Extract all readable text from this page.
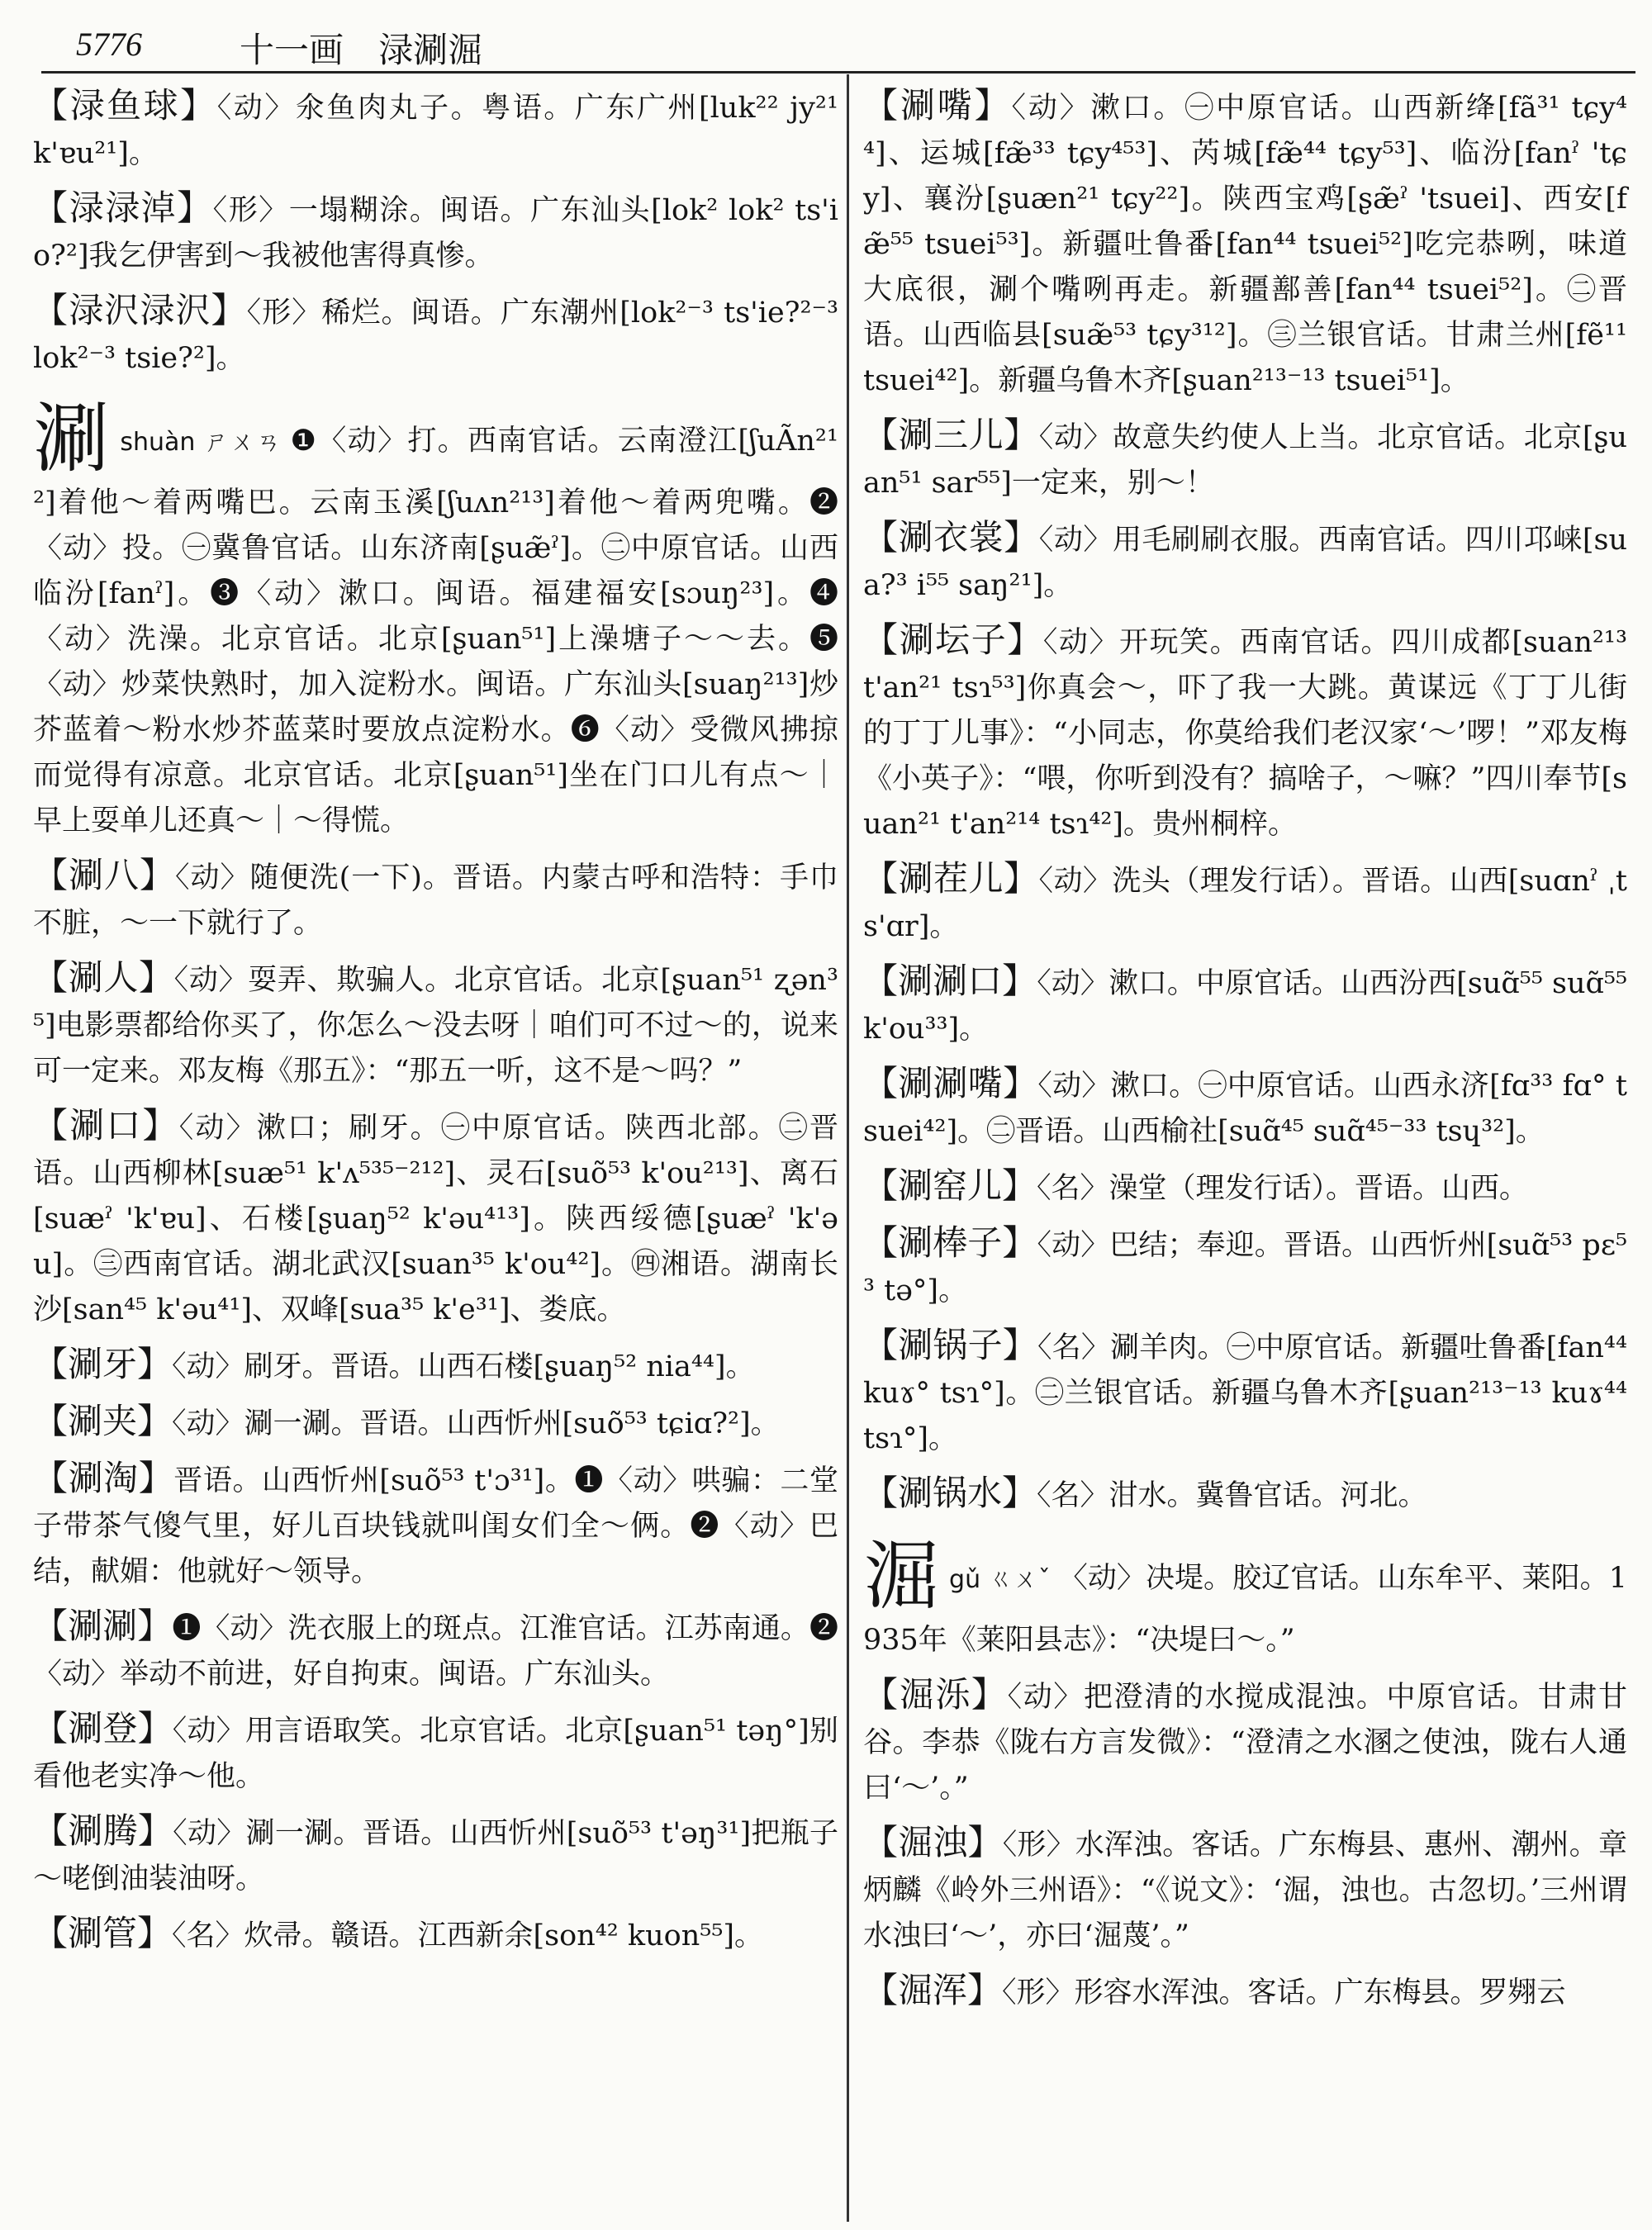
5776	十一画　渌涮淈
【渌鱼球】〈动〉氽鱼肉丸子。粤语。广东广州[luk²² jy²¹ k'ɐu²¹]。
【渌渌淖】〈形〉一塌糊涂。闽语。广东汕头[lok² lok² ts'io?²]我乞伊害到～我被他害得真惨。
【渌沢渌沢】〈形〉稀烂。闽语。广东潮州[lok²⁻³ ts'ie?²⁻³ lok²⁻³ tsie?²]。
涮shuàn ㄕㄨㄢ ❶〈动〉打。西南官话。云南澄江[ʃuÃn²¹²]着他～着两嘴巴。云南玉溪[ʃuʌn²¹³]着他～着两兜嘴。❷〈动〉投。㊀冀鲁官话。山东济南[ʂuæ̃ˀ]。㊁中原官话。山西临汾[fanˀ]。❸〈动〉漱口。闽语。福建福安[sɔuŋ²³]。❹〈动〉洗澡。北京官话。北京[ʂuan⁵¹]上澡塘子～～去。❺〈动〉炒菜快熟时，加入淀粉水。闽语。广东汕头[suaŋ²¹³]炒芥蓝着～粉水炒芥蓝菜时要放点淀粉水。❻〈动〉受微风拂掠而觉得有凉意。北京官话。北京[ʂuan⁵¹]坐在门口儿有点～｜早上耍单儿还真～｜～得慌。
【涮八】〈动〉随便洗(一下)。晋语。内蒙古呼和浩特：手巾不脏，～一下就行了。
【涮人】〈动〉耍弄、欺骗人。北京官话。北京[ʂuan⁵¹ ʐən³⁵]电影票都给你买了，你怎么～没去呀｜咱们可不过～的，说来可一定来。邓友梅《那五》：“那五一听，这不是～吗？”
【涮口】〈动〉漱口；刷牙。㊀中原官话。陕西北部。㊁晋语。山西柳林[suæ⁵¹ k'ʌ⁵³⁵⁻²¹²]、灵石[suõ⁵³ k'ou²¹³]、离石[suæˀ 'k'ɐu]、石楼[ʂuaŋ⁵² k'əu⁴¹³]。陕西绥德[ʂuæˀ 'k'əu]。㊂西南官话。湖北武汉[suan³⁵ k'ou⁴²]。㊃湘语。湖南长沙[san⁴⁵ k'əu⁴¹]、双峰[sua³⁵ k'e³¹]、娄底。
【涮牙】〈动〉刷牙。晋语。山西石楼[ʂuaŋ⁵² nia⁴⁴]。
【涮夹】〈动〉涮一涮。晋语。山西忻州[suõ⁵³ tɕiɑ?²]。
【涮淘】晋语。山西忻州[suõ⁵³ t'ɔ³¹]。❶〈动〉哄骗：二堂子带茶气傻气里，好儿百块钱就叫闺女们全～俩。❷〈动〉巴结，献媚：他就好～领导。
【涮涮】❶〈动〉洗衣服上的斑点。江淮官话。江苏南通。❷〈动〉举动不前进，好自拘束。闽语。广东汕头。
【涮登】〈动〉用言语取笑。北京官话。北京[ʂuan⁵¹ təŋ°]别看他老实净～他。
【涮腾】〈动〉涮一涮。晋语。山西忻州[suõ⁵³ t'əŋ³¹]把瓶子～咾倒油装油呀。
【涮管】〈名〉炊帚。赣语。江西新余[son⁴² kuon⁵⁵]。
【涮嘴】〈动〉漱口。㊀中原官话。山西新绛[fã³¹ tɕy⁴⁴]、运城[fæ̃³³ tɕy⁴⁵³]、芮城[fæ̃⁴⁴ tɕy⁵³]、临汾[fanˀ 'tɕy]、襄汾[ʂuæn²¹ tɕy²²]。陕西宝鸡[ʂæ̃ˀ 'tsuei]、西安[fæ̃⁵⁵ tsuei⁵³]。新疆吐鲁番[fan⁴⁴ tsuei⁵²]吃完恭咧，味道大底很，涮个嘴咧再走。新疆鄯善[fan⁴⁴ tsuei⁵²]。㊁晋语。山西临县[suæ̃⁵³ tɕy³¹²]。㊂兰银官话。甘肃兰州[fẽ¹¹ tsuei⁴²]。新疆乌鲁木齐[ʂuan²¹³⁻¹³ tsuei⁵¹]。
【涮三儿】〈动〉故意失约使人上当。北京官话。北京[ʂuan⁵¹ sar⁵⁵]一定来，别～！
【涮衣裳】〈动〉用毛刷刷衣服。西南官话。四川邛崃[sua?³ i⁵⁵ saŋ²¹]。
【涮坛子】〈动〉开玩笑。西南官话。四川成都[suan²¹³ t'an²¹ tsɿ⁵³]你真会～，吓了我一大跳。黄谋远《丁丁儿街的丁丁儿事》：“小同志，你莫给我们老汉家‘～’啰！”邓友梅《小英子》：“喂，你听到没有？搞啥子，～嘛？”四川奉节[suan²¹ t'an²¹⁴ tsɿ⁴²]。贵州桐梓。
【涮茬儿】〈动〉洗头（理发行话）。晋语。山西[suɑnˀ ˌts'ɑr]。
【涮涮口】〈动〉漱口。中原官话。山西汾西[suɑ̃⁵⁵ suɑ̃⁵⁵ k'ou³³]。
【涮涮嘴】〈动〉漱口。㊀中原官话。山西永济[fɑ³³ fɑ° tsuei⁴²]。㊁晋语。山西榆社[suɑ̃⁴⁵ suɑ̃⁴⁵⁻³³ tsɥ³²]。
【涮窑儿】〈名〉澡堂（理发行话）。晋语。山西。
【涮棒子】〈动〉巴结；奉迎。晋语。山西忻州[suɑ̃⁵³ pɛ⁵³ tə°]。
【涮锅子】〈名〉涮羊肉。㊀中原官话。新疆吐鲁番[fan⁴⁴ kuɤ° tsɿ°]。㊁兰银官话。新疆乌鲁木齐[ʂuan²¹³⁻¹³ kuɤ⁴⁴ tsɿ°]。
【涮锅水】〈名〉泔水。冀鲁官话。河北。
淈gǔ ㄍㄨˇ 〈动〉决堤。胶辽官话。山东牟平、莱阳。1935年《莱阳县志》：“决堤曰～。”
【淈泺】〈动〉把澄清的水搅成混浊。中原官话。甘肃甘谷。李恭《陇右方言发微》：“澄清之水溷之使浊，陇右人通曰‘～’。”
【淈浊】〈形〉水浑浊。客话。广东梅县、惠州、潮州。章炳麟《岭外三州语》：“《说文》：‘淈，浊也。古忽切。’三州谓水浊曰‘～’，亦曰‘淈蔑’。”
【淈浑】〈形〉形容水浑浊。客话。广东梅县。罗翙云
